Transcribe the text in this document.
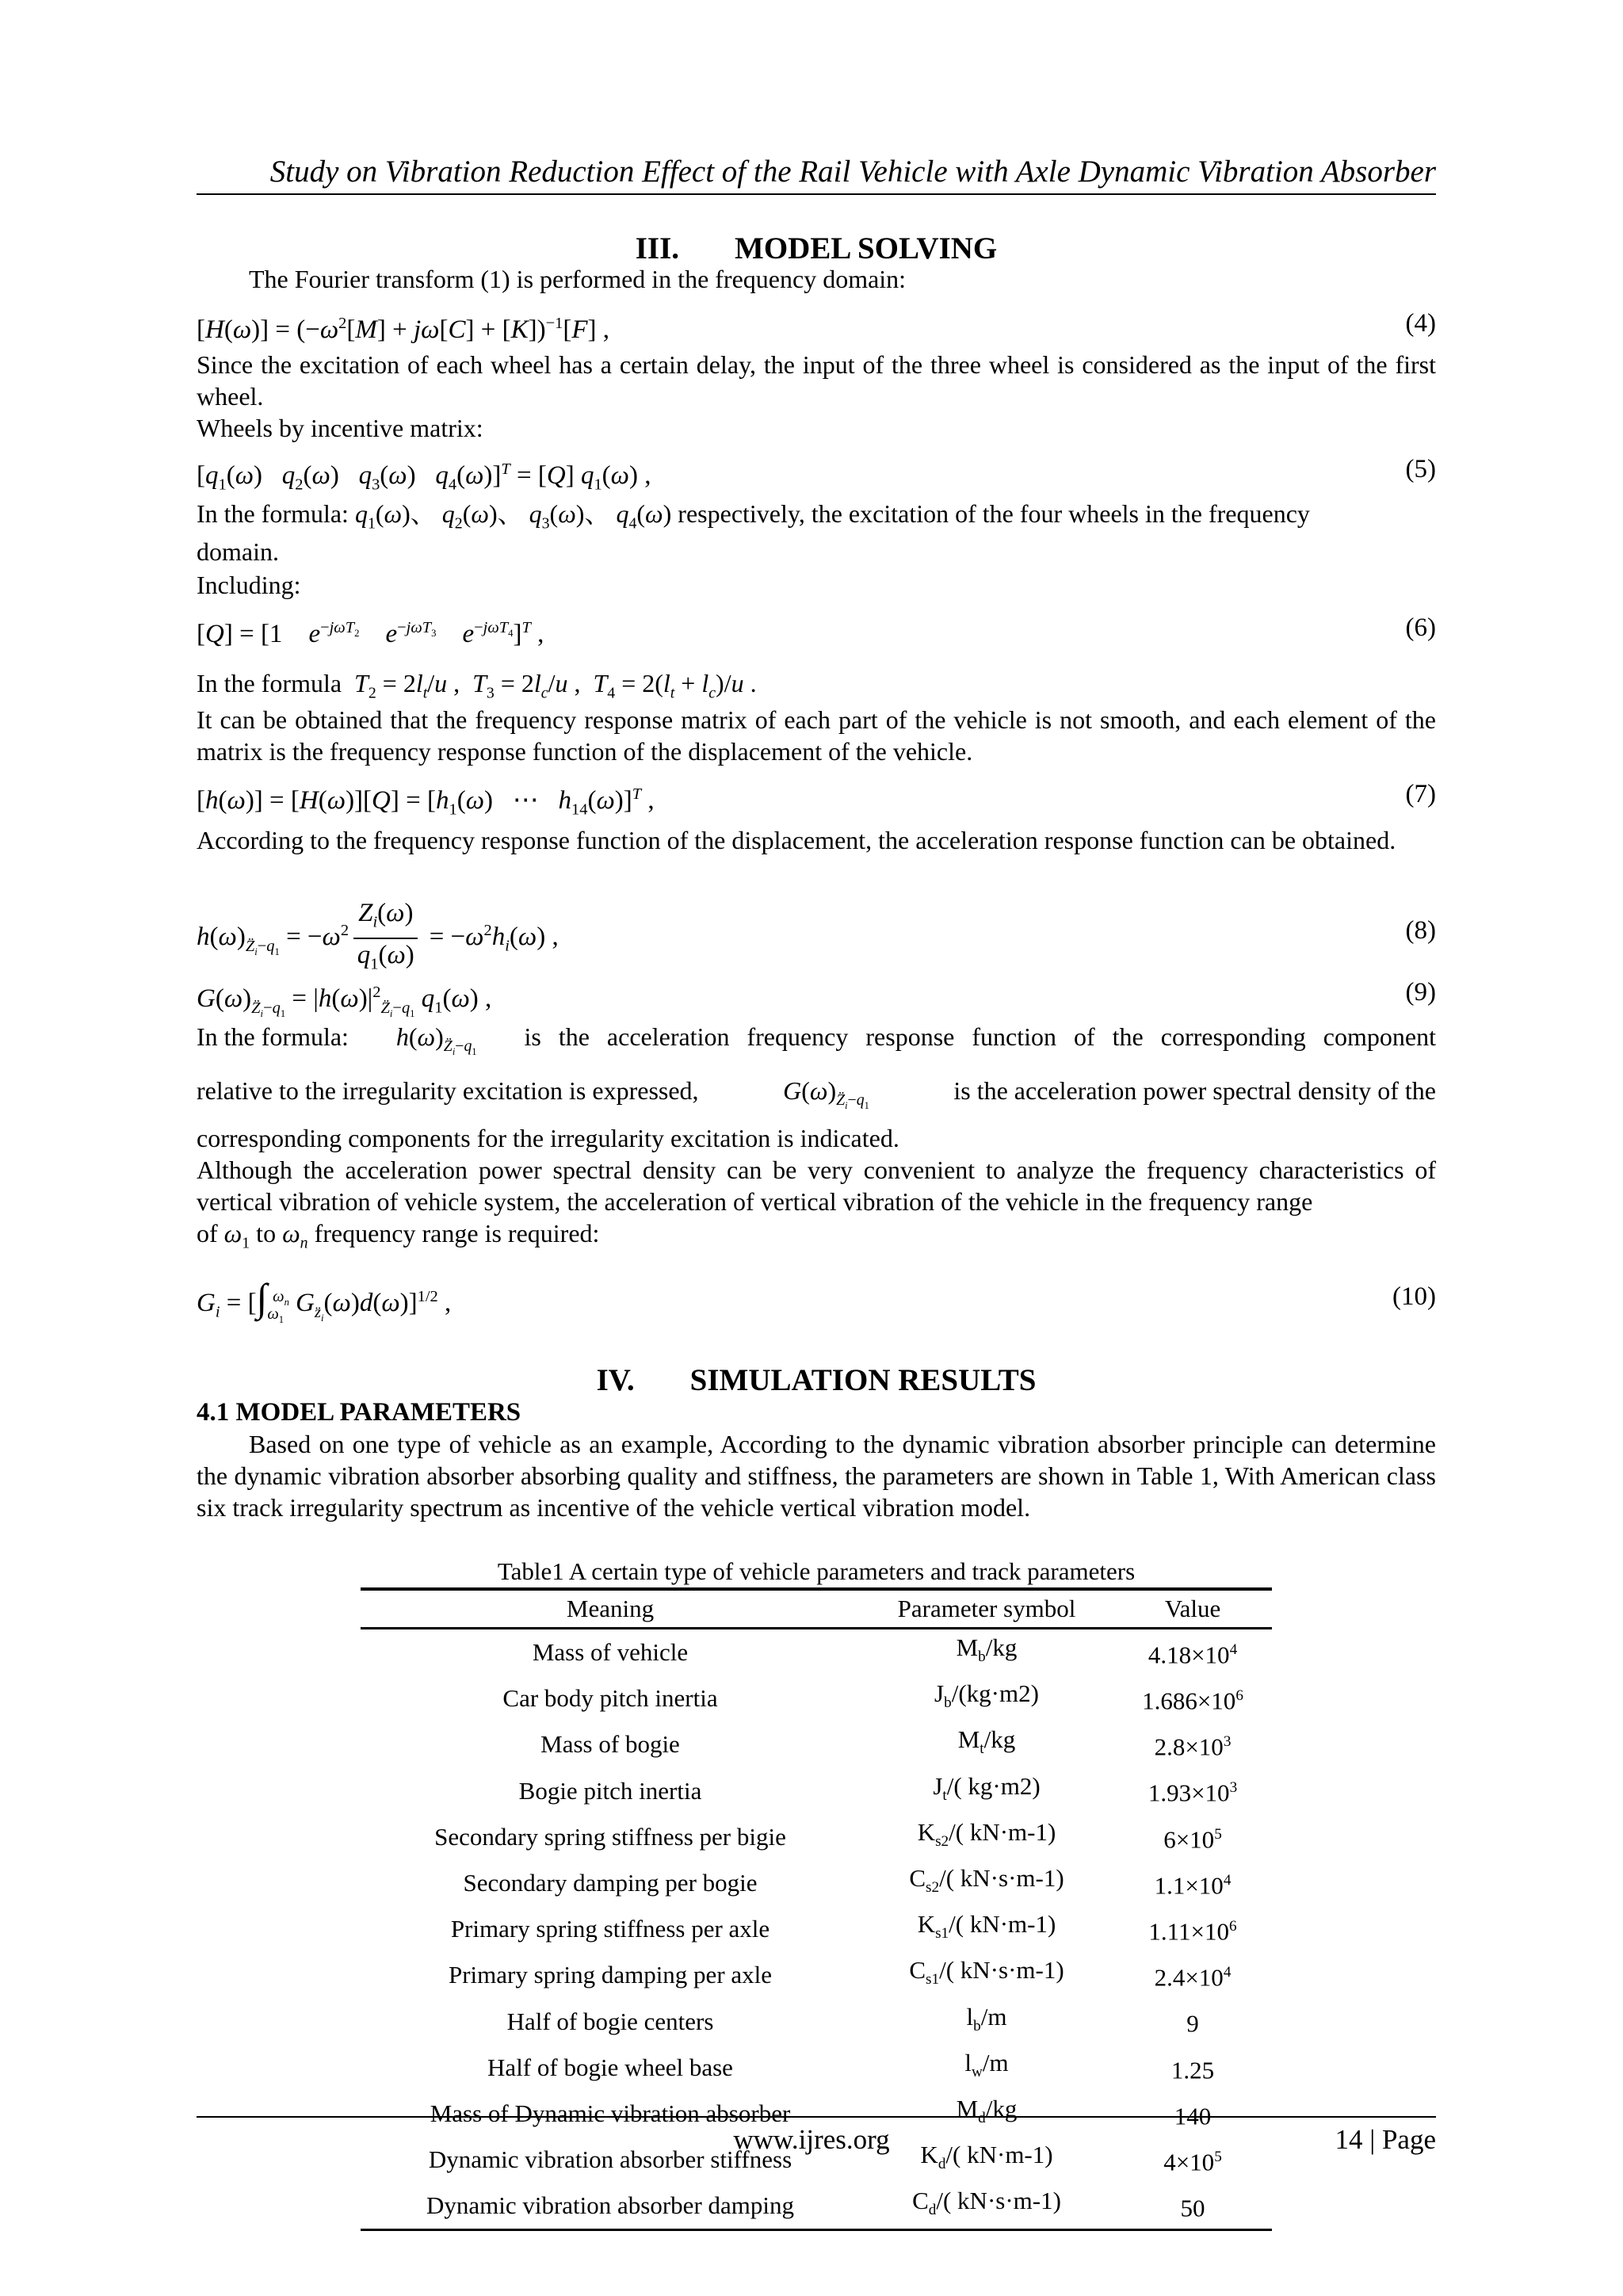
Study on Vibration Reduction Effect of the Rail Vehicle with Axle Dynamic Vibration Absorber
III. MODEL SOLVING
The Fourier transform (1) is performed in the frequency domain:
$[H(\omega)] = (-\omega^2[M] + j\omega[C] + [K])^{-1}[F]$ ,	(4)
Since the excitation of each wheel has a certain delay, the input of the three wheel is considered as the input of the first wheel.
Wheels by incentive matrix:
[$q_1(\omega)$   $q_2(\omega)$   $q_3(\omega) q_4(\omega)]^T = [Q]$ $q_1(\omega)$ ,	(5)
In the formula: $q_1(\omega)$、 $q_2(\omega)$、 $q_3(\omega)$、 $q_4(\omega)$ respectively, the excitation of the four wheels in the frequency
domain.
Including:
[Q] = [1    $e^{-j\omega T_2}$ $e^{-j\omega T_3}$ $e^{-j\omega T_4}]^T$ ,	(6)
In the formula $T_2 = 2l_t/u$ ,  $T_3 = 2l_c/u$ ,  $T_4 = 2(l_t + l_c)/u$ .
It can be obtained that the frequency response matrix of each part of the vehicle is not smooth, and each element of the matrix is the frequency response function of the displacement of the vehicle.
$[h(\omega)] = [H(\omega)][Q] = [h_1(\omega)$   ⋯   $h_{14}(\omega)]^T$ ,	(7)
According to the frequency response function of the displacement, the acceleration response function can be obtained.
$h(\omega)_{Z̈_i-q_1} = -\omega^2 \frac{Z_i(\omega)}{q_1(\omega)} = -\omega^2h_i(\omega)$ ,	(8)
$G(\omega)_{Z̈_i-q_1} = |h(\omega)|^2_{Z̈_i-q_1}$ $q_1(\omega)$ ,	(9)
In the formula: $h(\omega)_{Z̈_i-q_1}$
is the acceleration frequency response function of the corresponding component
relative to the irregularity excitation is expressed,	$G(\omega)_{Z̈_i-q_1}$
is the acceleration power spectral density of the
corresponding components for the irregularity excitation is indicated.
Although the acceleration power spectral density can be very convenient to analyze the frequency characteristics of vertical vibration of vehicle system, the acceleration of vertical vibration of the vehicle in the frequency range
of $\omega_1$ to $\omega_n$ frequency range is required:
$G_i = [\int_{\omega_1}^{\omega_n}$ $G_{z̈_i}(\omega)d(\omega)]^{1/2}$ ,	(10)
IV. SIMULATION RESULTS
4.1 MODEL PARAMETERS
Based on one type of vehicle as an example, According to the dynamic vibration absorber principle can determine the dynamic vibration absorber absorbing quality and stiffness, the parameters are shown in Table 1, With American class six track irregularity spectrum as incentive of the vehicle vertical vibration model.
Table1 A certain type of vehicle parameters and track parameters
Meaning	Parameter symbol	Value
Mass of vehicle	$M_b/kg$	$4.18\times 10^4$
Car body pitch inertia	$J_b/(kg\cdot m2)$	$1.686\times 10^6$
Mass of bogie	$M_t/kg$	$2.8\times 10^3$
Bogie pitch inertia	$J_t/$( kg·m2)	$1.93\times 10^3$
Secondary spring stiffness per bigie	$K_{s2}/$( kN·m-1)	$6\times 10^5$
Secondary damping per bogie	$C_{s2}/$( kN·s·m-1)	$1.1\times 10^4$
Primary spring stiffness per axle	$K_{s1}/$( kN·m-1)	$1.11\times 10^6$
Primary spring damping per axle	$C_{s1}/$( kN·s·m-1)	$2.4\times 10^4$
Half of bogie centers	$l_b/m$	9
Half of bogie wheel base	$l_w/m$	1.25
Mass of Dynamic vibration absorber	$M_d/kg$	140
Dynamic vibration absorber stiffness	$K_d/$( kN·m-1)	$4\times 10^5$
Dynamic vibration absorber damping	$C_d/$( kN·s·m-1)	50
www.ijres.org	14 | Page
